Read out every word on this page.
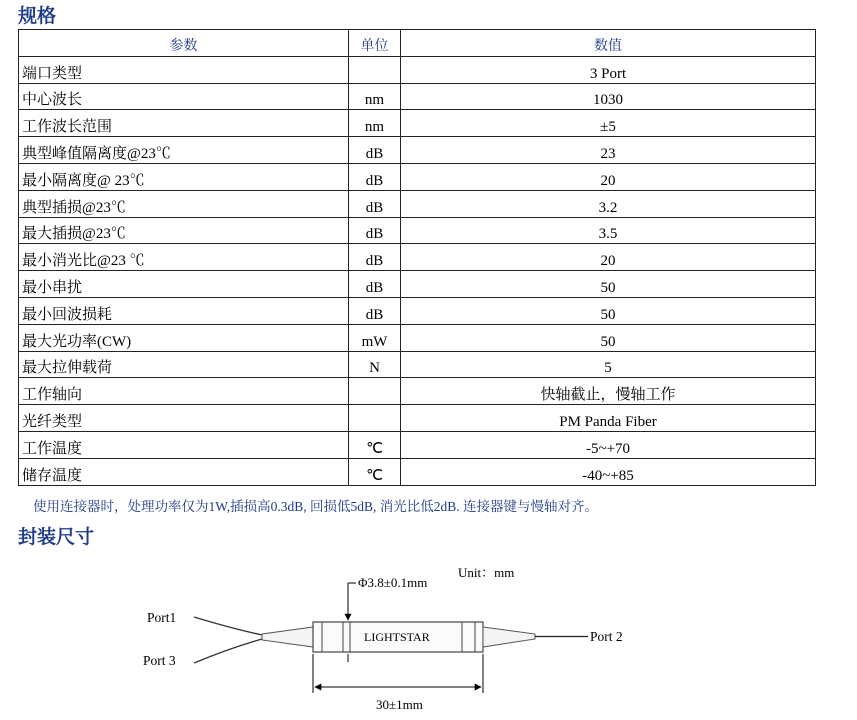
规格
参数	单位	数值
端口类型		3 Port
中心波长	nm	1030
工作波长范围	nm	±5
典型峰值隔离度@23℃	dB	23
最小隔离度@ 23℃	dB	20
典型插损@23℃	dB	3.2
最大插损@23℃	dB	3.5
最小消光比@23 ℃	dB	20
最小串扰	dB	50
最小回波损耗	dB	50
最大光功率(CW)	mW	50
最大拉伸载荷	N	5
工作轴向		快轴截止，慢轴工作
光纤类型		PM Panda Fiber
工作温度	℃	-5~+70
储存温度	℃	-40~+85

使用连接器时，处理功率仅为1W,插损高0.3dB, 回损低5dB, 消光比低2dB. 连接器键与慢轴对齐。

封装尺寸
LIGHTSTAR
Φ3.8±0.1mm
Unit：mm
30±1mm
Port1
Port 3
Port 2
